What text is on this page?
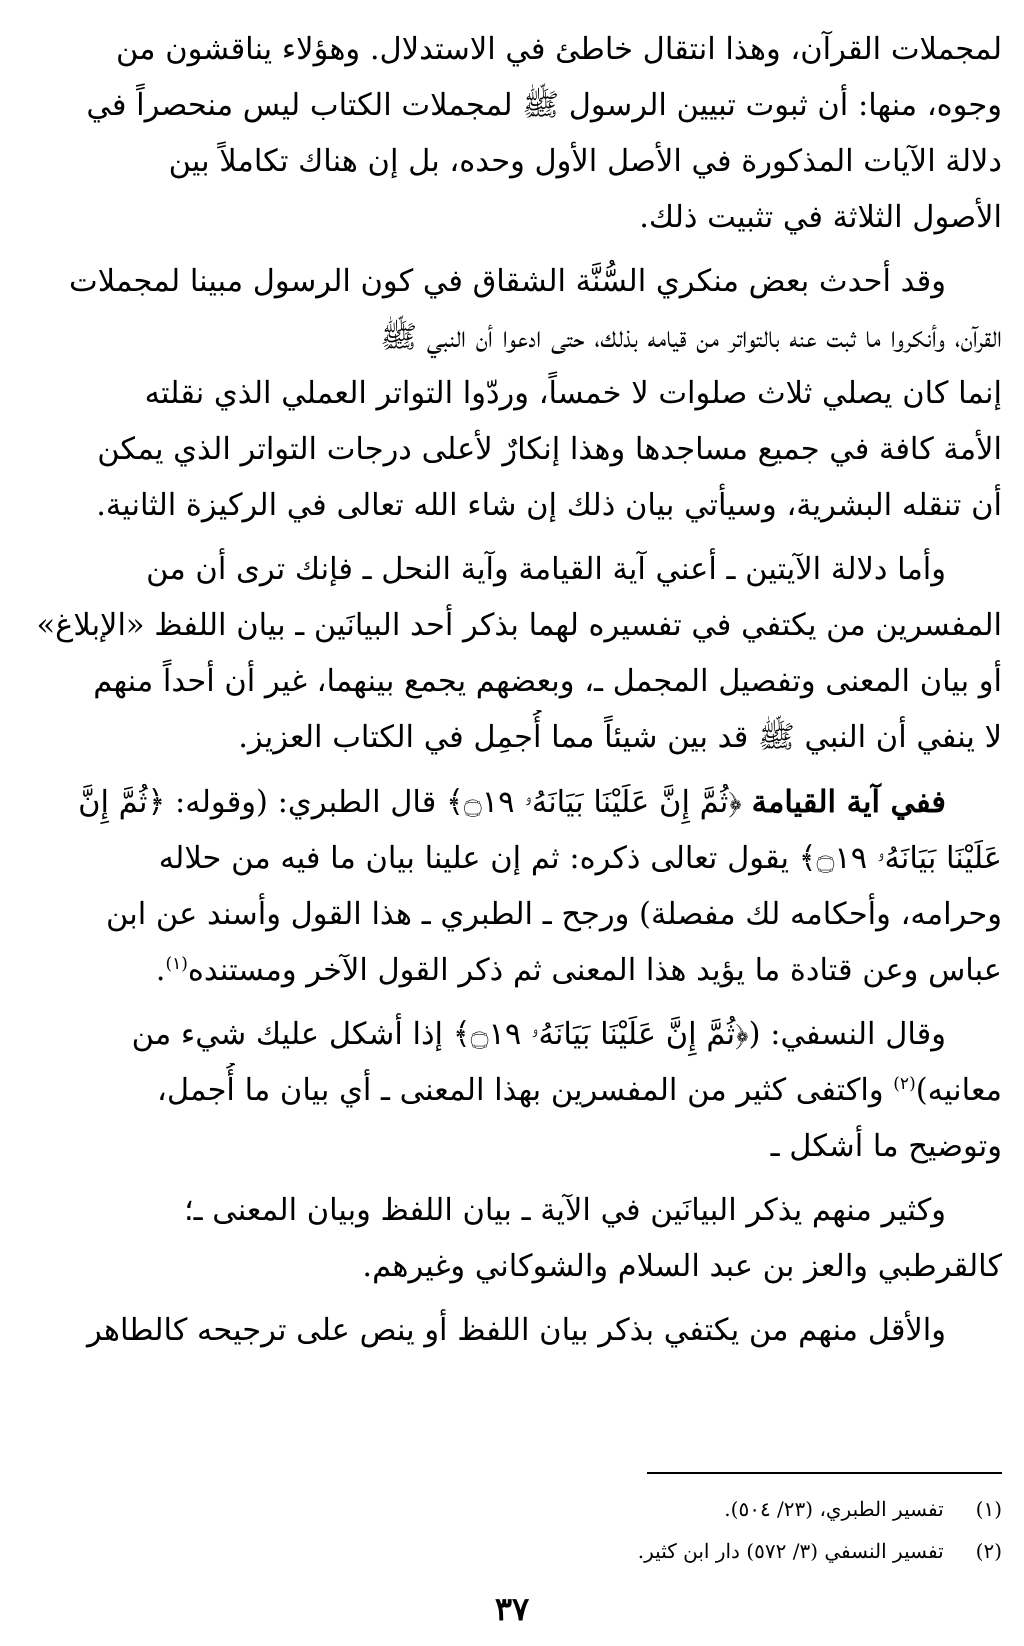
لمجملات القرآن، وهذا انتقال خاطئ في الاستدلال. وهؤلاء يناقشون من
وجوه، منها: أن ثبوت تبيين الرسول ﷺ لمجملات الكتاب ليس منحصراً في
دلالة الآيات المذكورة في الأصل الأول وحده، بل إن هناك تكاملاً بين
الأصول الثلاثة في تثبيت ذلك.
وقد أحدث بعض منكري السُّنَّة الشقاق في كون الرسول مبينا لمجملات
القرآن، وأنكروا ما ثبت عنه بالتواتر من قيامه بذلك، حتى ادعوا أن النبي ﷺ
إنما كان يصلي ثلاث صلوات لا خمساً، وردّوا التواتر العملي الذي نقلته
الأمة كافة في جميع مساجدها وهذا إنكارٌ لأعلى درجات التواتر الذي يمكن
أن تنقله البشرية، وسيأتي بيان ذلك إن شاء الله تعالى في الركيزة الثانية.
وأما دلالة الآيتين ـ أعني آية القيامة وآية النحل ـ فإنك ترى أن من
المفسرين من يكتفي في تفسيره لهما بذكر أحد البيانَين ـ بيان اللفظ «الإبلاغ»
أو بيان المعنى وتفصيل المجمل ـ، وبعضهم يجمع بينهما، غير أن أحداً منهم
لا ينفي أن النبي ﷺ قد بين شيئاً مما أُجمِل في الكتاب العزيز.
ففي آية القيامة ﴿ثُمَّ إِنَّ عَلَيْنَا بَيَانَهُۥ ۝١٩﴾ قال الطبري: (وقوله: ﴿ثُمَّ إِنَّ
عَلَيْنَا بَيَانَهُۥ ۝١٩﴾ يقول تعالى ذكره: ثم إن علينا بيان ما فيه من حلاله
وحرامه، وأحكامه لك مفصلة) ورجح ـ الطبري ـ هذا القول وأسند عن ابن
عباس وعن قتادة ما يؤيد هذا المعنى ثم ذكر القول الآخر ومستنده$^{(١)}$.
وقال النسفي: (﴿ثُمَّ إِنَّ عَلَيْنَا بَيَانَهُۥ ۝١٩﴾ إذا أشكل عليك شيء من
معانيه)$^{(٢)}$ واكتفى كثير من المفسرين بهذا المعنى ـ أي بيان ما أُجمل،
وتوضيح ما أشكل ـ
وكثير منهم يذكر البيانَين في الآية ـ بيان اللفظ وبيان المعنى ـ؛
كالقرطبي والعز بن عبد السلام والشوكاني وغيرهم.
والأقل منهم من يكتفي بذكر بيان اللفظ أو ينص على ترجيحه كالطاهر
(١) تفسير الطبري، (٢٣/ ٥٠٤).
(٢) تفسير النسفي (٣/ ٥٧٢) دار ابن كثير.
٣٧
